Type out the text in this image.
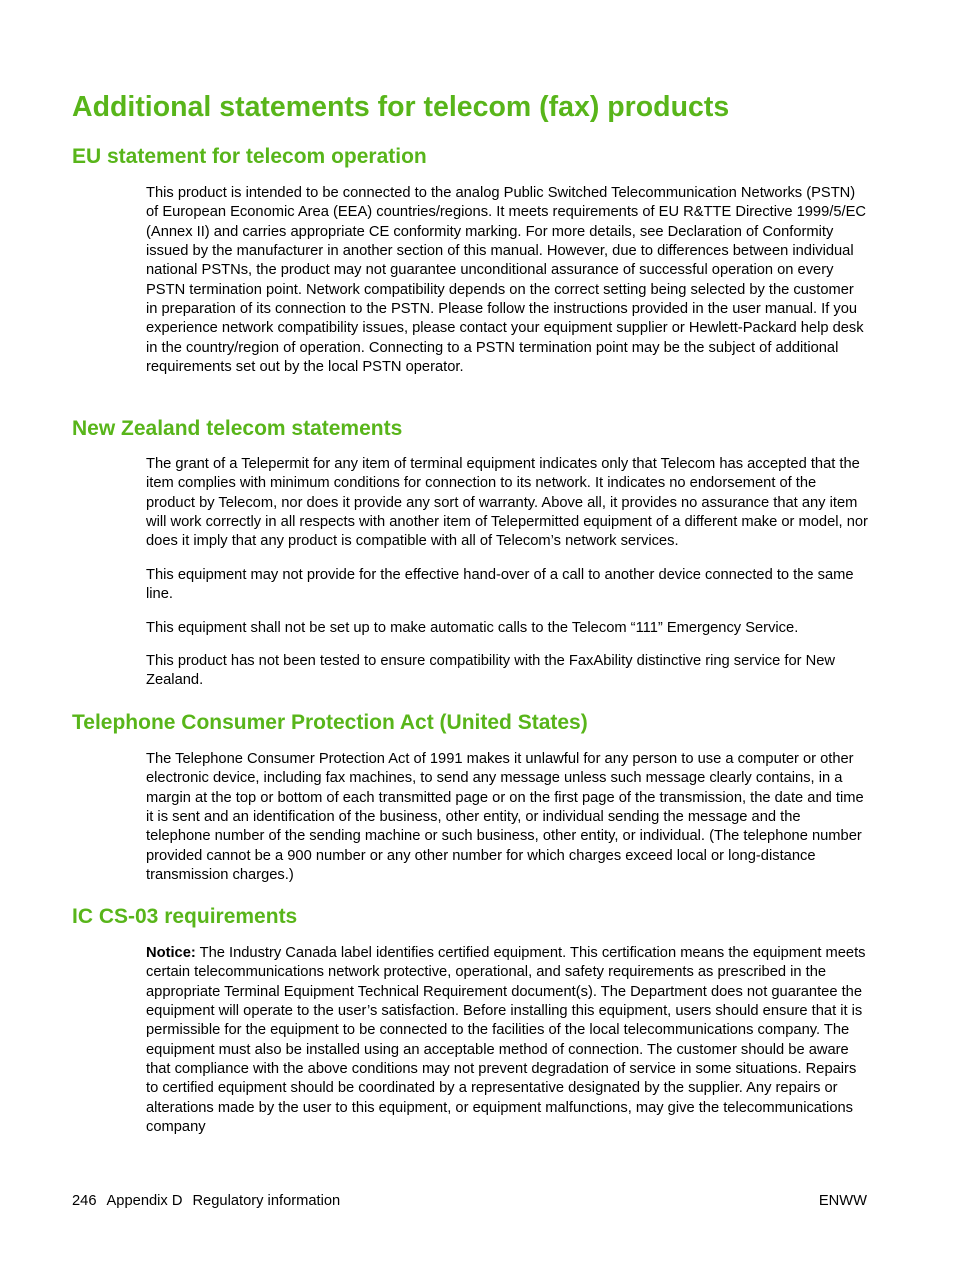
Additional statements for telecom (fax) products
EU statement for telecom operation

This product is intended to be connected to the analog Public Switched Telecommunication Networks (PSTN) of European Economic Area (EEA) countries/regions. It meets requirements of EU R&TTE Directive 1999/5/EC (Annex II) and carries appropriate CE conformity marking. For more details, see Declaration of Conformity issued by the manufacturer in another section of this manual. However, due to differences between individual national PSTNs, the product may not guarantee unconditional assurance of successful operation on every PSTN termination point. Network compatibility depends on the correct setting being selected by the customer in preparation of its connection to the PSTN. Please follow the instructions provided in the user manual. If you experience network compatibility issues, please contact your equipment supplier or Hewlett-Packard help desk in the country/region of operation. Connecting to a PSTN termination point may be the subject of additional requirements set out by the local PSTN operator.

New Zealand telecom statements

The grant of a Telepermit for any item of terminal equipment indicates only that Telecom has accepted that the item complies with minimum conditions for connection to its network. It indicates no endorsement of the product by Telecom, nor does it provide any sort of warranty. Above all, it provides no assurance that any item will work correctly in all respects with another item of Telepermitted equipment of a different make or model, nor does it imply that any product is compatible with all of Telecom’s network services.

This equipment may not provide for the effective hand-over of a call to another device connected to the same line.

This equipment shall not be set up to make automatic calls to the Telecom “111” Emergency Service.

This product has not been tested to ensure compatibility with the FaxAbility distinctive ring service for New Zealand.

Telephone Consumer Protection Act (United States)

The Telephone Consumer Protection Act of 1991 makes it unlawful for any person to use a computer or other electronic device, including fax machines, to send any message unless such message clearly contains, in a margin at the top or bottom of each transmitted page or on the first page of the transmission, the date and time it is sent and an identification of the business, other entity, or individual sending the message and the telephone number of the sending machine or such business, other entity, or individual. (The telephone number provided cannot be a 900 number or any other number for which charges exceed local or long-distance transmission charges.)

IC CS-03 requirements

Notice: The Industry Canada label identifies certified equipment. This certification means the equipment meets certain telecommunications network protective, operational, and safety requirements as prescribed in the appropriate Terminal Equipment Technical Requirement document(s). The Department does not guarantee the equipment will operate to the user’s satisfaction. Before installing this equipment, users should ensure that it is permissible for the equipment to be connected to the facilities of the local telecommunications company. The equipment must also be installed using an acceptable method of connection. The customer should be aware that compliance with the above conditions may not prevent degradation of service in some situations. Repairs to certified equipment should be coordinated by a representative designated by the supplier. Any repairs or alterations made by the user to this equipment, or equipment malfunctions, may give the telecommunications company

246 Appendix D Regulatory information	ENWW
